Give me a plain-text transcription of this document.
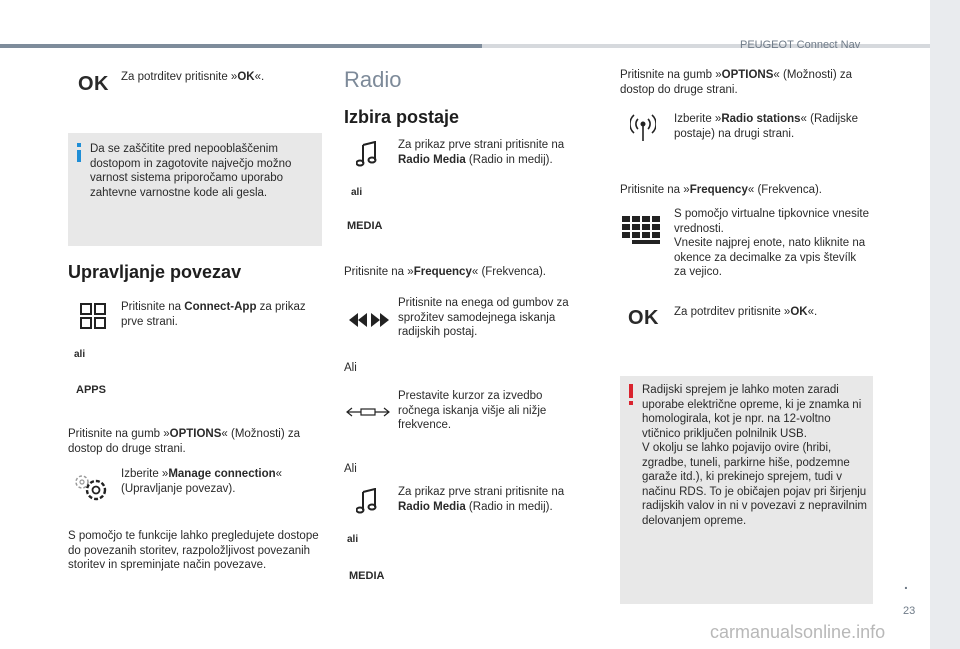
PEUGEOT Connect Nav
23
.
carmanualsonline.info
OK Za potrditev pritisnite »OK«.
Da se zaščitite pred nepooblaščenim dostopom in zagotovite največjo možno varnost sistema priporočamo uporabo zahtevne varnostne kode ali gesla.
Upravljanje povezav
Pritisnite na Connect-App za prikaz prve strani.
ali
APPS
Pritisnite na gumb »OPTIONS« (Možnosti) za dostop do druge strani.
Izberite »Manage connection« (Upravljanje povezav).
S pomočjo te funkcije lahko pregledujete dostope do povezanih storitev, razpoložljivost povezanih storitev in spreminjate način povezave.
Radio
Izbira postaje
Za prikaz prve strani pritisnite na Radio Media (Radio in medij).
ali
MEDIA
Pritisnite na »Frequency« (Frekvenca).
Pritisnite na enega od gumbov za sprožitev samodejnega iskanja radijskih postaj.
Ali
Prestavite kurzor za izvedbo ročnega iskanja višje ali nižje frekvence.
Ali
Za prikaz prve strani pritisnite na Radio Media (Radio in medij).
ali
MEDIA
Pritisnite na gumb »OPTIONS« (Možnosti) za dostop do druge strani.
Izberite »Radio stations« (Radijske postaje) na drugi strani.
Pritisnite na »Frequency« (Frekvenca).
S pomočjo virtualne tipkovnice vnesite vrednosti.
Vnesite najprej enote, nato kliknite na okence za decimalke za vpis števílk za vejico.
OK Za potrditev pritisnite »OK«.
Radijski sprejem je lahko moten zaradi uporabe električne opreme, ki je znamka ni homologirala, kot je npr. na 12-voltno vtičnico priključen polnilnik USB.
V okolju se lahko pojavijo ovire (hribi, zgradbe, tuneli, parkirne hiše, podzemne garaže itd.), ki prekinejo sprejem, tudi v načinu RDS. To je običajen pojav pri širjenju radijskih valov in ni v povezavi z nepravilnim delovanjem opreme.
